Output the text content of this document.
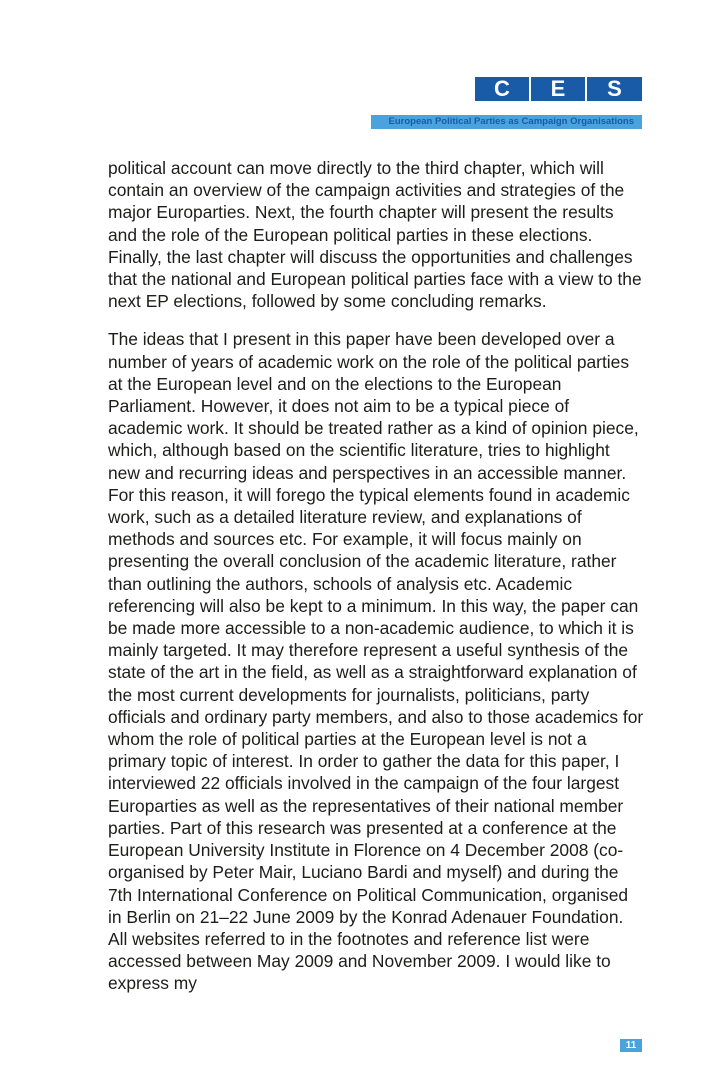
C	E	S
European Political Parties as Campaign Organisations

political account can move directly to the third chapter, which will contain an overview of the campaign activities and strategies of the major Europarties. Next, the fourth chapter will present the results and the role of the European political parties in these elections. Finally, the last chapter will discuss the opportunities and challenges that the national and European political parties face with a view to the next EP elections, followed by some concluding remarks.

The ideas that I present in this paper have been developed over a number of years of academic work on the role of the political parties at the European level and on the elections to the European Parliament. However, it does not aim to be a typical piece of academic work. It should be treated rather as a kind of opinion piece, which, although based on the scientific literature, tries to highlight new and recurring ideas and perspectives in an accessible manner. For this reason, it will forego the typical elements found in academic work, such as a detailed literature review, and explanations of methods and sources etc. For example, it will focus mainly on presenting the overall conclusion of the academic literature, rather than outlining the authors, schools of analysis etc. Academic referencing will also be kept to a minimum. In this way, the paper can be made more accessible to a non-academic audience, to which it is mainly targeted. It may therefore represent a useful synthesis of the state of the art in the field, as well as a straightforward explanation of the most current developments for journalists, politicians, party officials and ordinary party members, and also to those academics for whom the role of political parties at the European level is not a primary topic of interest. In order to gather the data for this paper, I interviewed 22 officials involved in the campaign of the four largest Europarties as well as the representatives of their national member parties. Part of this research was presented at a conference at the European University Institute in Florence on 4 December 2008 (co-organised by Peter Mair, Luciano Bardi and myself) and during the 7th International Conference on Political Communication, organised in Berlin on 21–22 June 2009 by the Konrad Adenauer Foundation. All websites referred to in the footnotes and reference list were accessed between May 2009 and November 2009. I would like to express my

11
